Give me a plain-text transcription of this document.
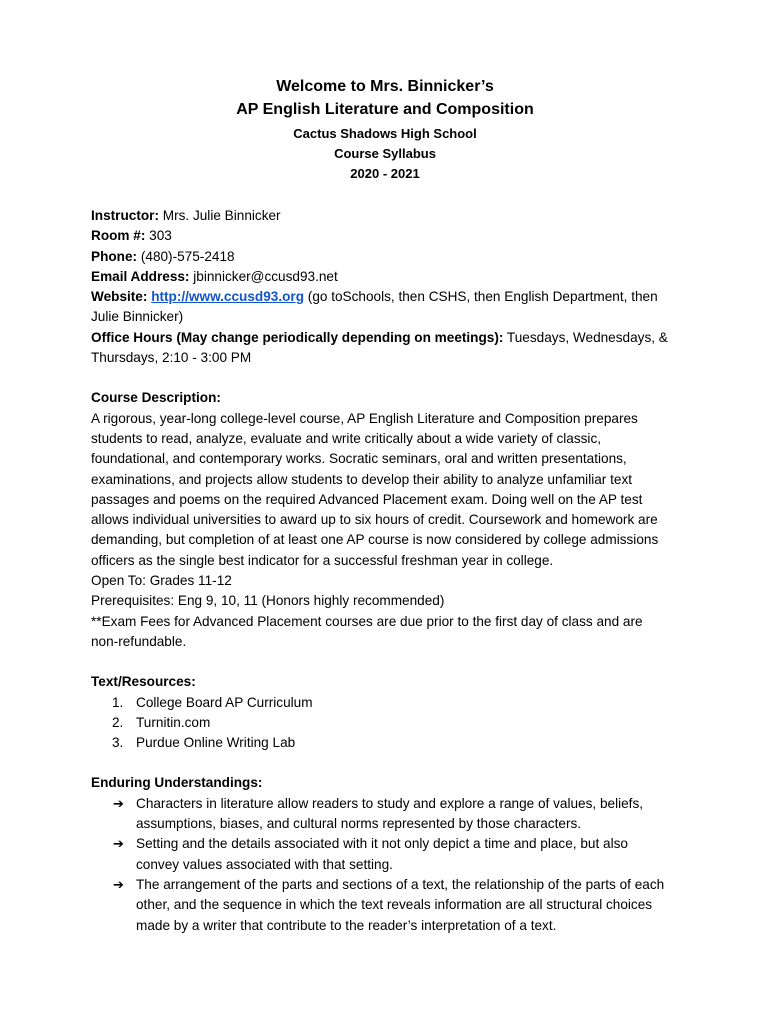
Welcome to Mrs. Binnicker’s
AP English Literature and Composition
Cactus Shadows High School
Course Syllabus
2020 - 2021
Instructor: Mrs. Julie Binnicker
Room #: 303
Phone: (480)-575-2418
Email Address: jbinnicker@ccusd93.net
Website: http://www.ccusd93.org (go toSchools, then CSHS, then English Department, then
Julie Binnicker)
Office Hours (May change periodically depending on meetings): Tuesdays, Wednesdays, &
Thursdays, 2:10 - 3:00 PM
Course Description:
A rigorous, year-long college-level course, AP English Literature and Composition prepares
students to read, analyze, evaluate and write critically about a wide variety of classic,
foundational, and contemporary works. Socratic seminars, oral and written presentations,
examinations, and projects allow students to develop their ability to analyze unfamiliar text
passages and poems on the required Advanced Placement exam. Doing well on the AP test
allows individual universities to award up to six hours of credit. Coursework and homework are
demanding, but completion of at least one AP course is now considered by college admissions
officers as the single best indicator for a successful freshman year in college.
Open To: Grades 11-12
Prerequisites: Eng 9, 10, 11 (Honors highly recommended)
**Exam Fees for Advanced Placement courses are due prior to the first day of class and are
non-refundable.
Text/Resources:
1. College Board AP Curriculum
2. Turnitin.com
3. Purdue Online Writing Lab
Enduring Understandings:
➔ Characters in literature allow readers to study and explore a range of values, beliefs,
assumptions, biases, and cultural norms represented by those characters.
➔ Setting and the details associated with it not only depict a time and place, but also
convey values associated with that setting.
➔ The arrangement of the parts and sections of a text, the relationship of the parts of each
other, and the sequence in which the text reveals information are all structural choices
made by a writer that contribute to the reader’s interpretation of a text.
